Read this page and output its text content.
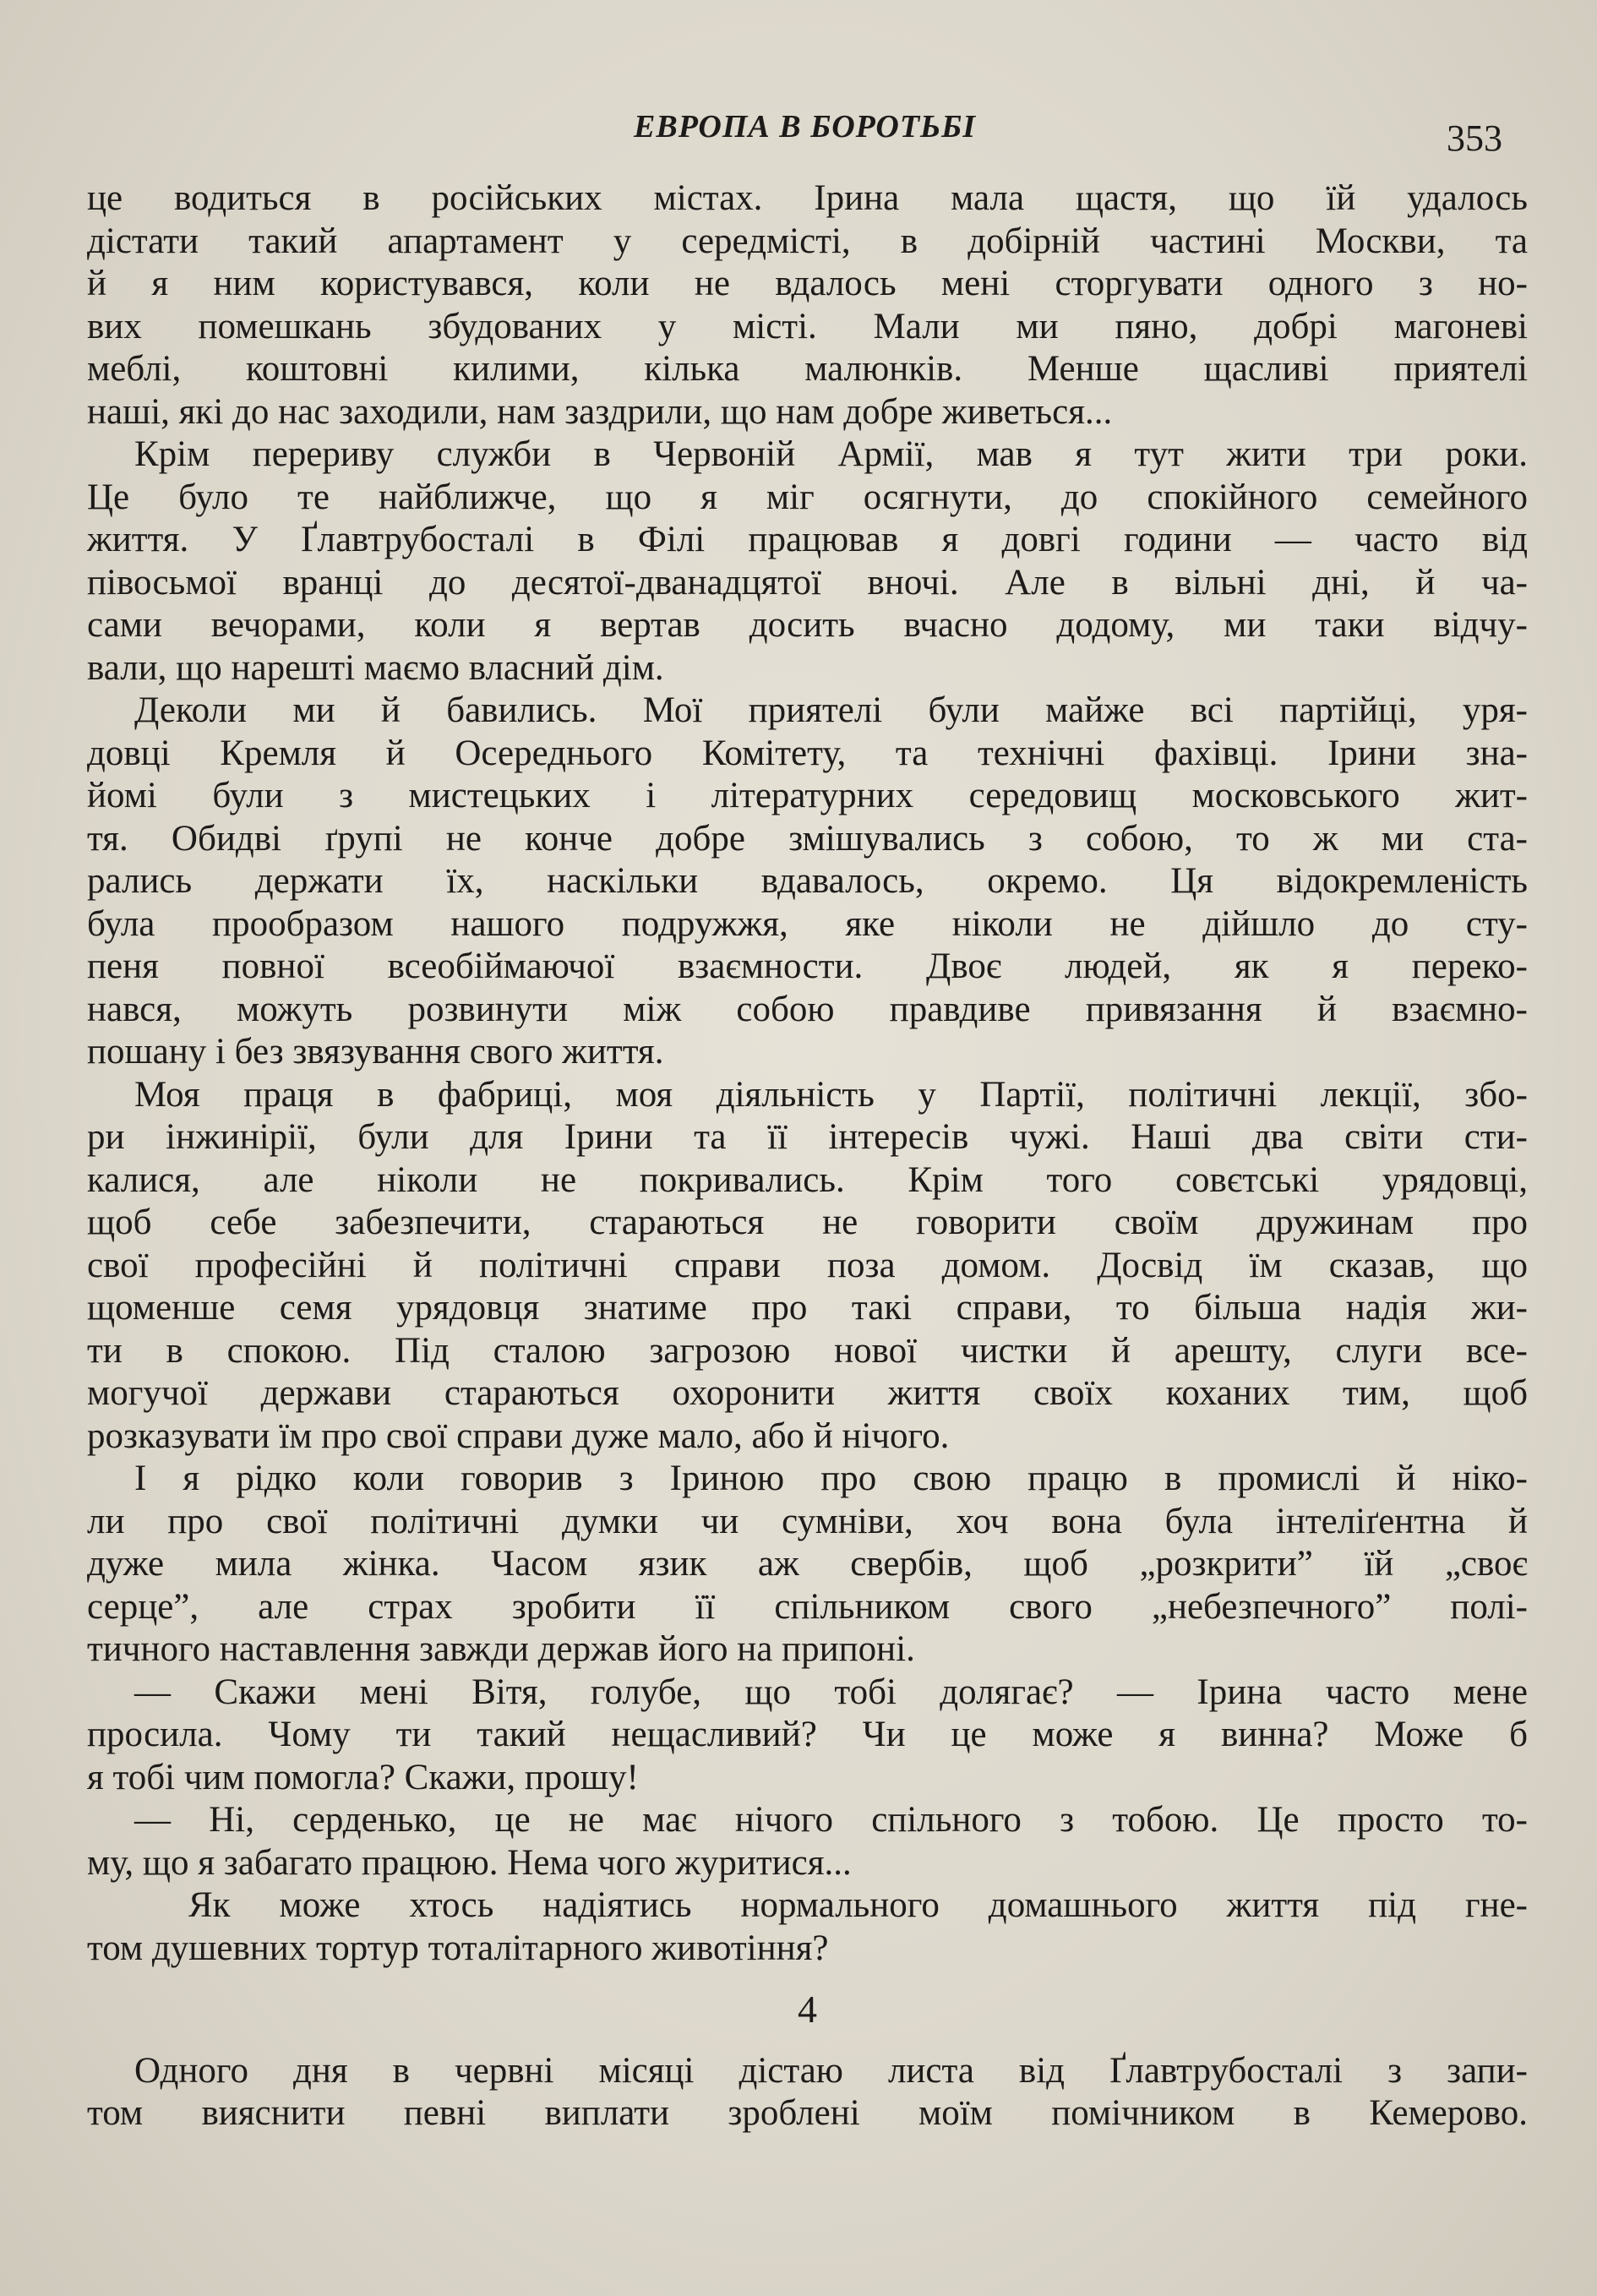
ЕВРОПА В БОРОТЬБІ	353
це водиться в російських містах. Ірина мала щастя, що їй удалось
дістати такий апартамент у середмісті, в добірній частині Москви, та
й я ним користувався, коли не вдалось мені сторгувати одного з но-
вих помешкань збудованих у місті. Мали ми пяно, добрі магоневі
меблі, коштовні килими, кілька малюнків. Менше щасливі приятелі
наші, які до нас заходили, нам заздрили, що нам добре живеться...
Крім перериву служби в Червоній Армії, мав я тут жити три роки.
Це було те найближче, що я міг осягнути, до спокійного семейного
життя. У Ґлавтрубосталі в Філі працював я довгі години — часто від
півосьмої вранці до десятої-дванадцятої вночі. Але в вільні дні, й ча-
сами вечорами, коли я вертав досить вчасно додому, ми таки відчу-
вали, що нарешті маємо власний дім.
Деколи ми й бавились. Мої приятелі були майже всі партійці, уря-
довці Кремля й Осереднього Комітету, та технічні фахівці. Ірини зна-
йомі були з мистецьких і літературних середовищ московського жит-
тя. Обидві ґрупі не конче добре змішувались з собою, то ж ми ста-
рались держати їх, наскільки вдавалось, окремо. Ця відокремленість
була прообразом нашого подружжя, яке ніколи не дійшло до сту-
пеня повної всеобіймаючої взаємности. Двоє людей, як я переко-
нався, можуть розвинути між собою правдиве привязання й взаємно-
пошану і без звязування свого життя.
Моя праця в фабриці, моя діяльність у Партії, політичні лекції, збо-
ри інжинірії, були для Ірини та її інтересів чужі. Наші два світи сти-
калися, але ніколи не покривались. Крім того совєтські урядовці,
щоб себе забезпечити, стараються не говорити своїм дружинам про
свої професійні й політичні справи поза домом. Досвід їм сказав, що
щоменше семя урядовця знатиме про такі справи, то більша надія жи-
ти в спокою. Під сталою загрозою нової чистки й арешту, слуги все-
могучої держави стараються охоронити життя своїх коханих тим, щоб
розказувати їм про свої справи дуже мало, або й нічого.
І я рідко коли говорив з Іриною про свою працю в промислі й ніко-
ли про свої політичні думки чи сумніви, хоч вона була інтеліґентна й
дуже мила жінка. Часом язик аж свербів, щоб „розкрити” їй „своє
серце”, але страх зробити її спільником свого „небезпечного” полі-
тичного наставлення завжди держав його на припоні.
— Скажи мені Вітя, голубе, що тобі долягає? — Ірина часто мене
просила. Чому ти такий нещасливий? Чи це може я винна? Може б
я тобі чим помогла? Скажи, прошу!
— Ні, серденько, це не має нічого спільного з тобою. Це просто то-
му, що я забагато працюю. Нема чого журитися...
Як може хтось надіятись нормального домашнього життя під гне-
том душевних тортур тоталітарного животіння?
4
Одного дня в червні місяці дістаю листа від Ґлавтрубосталі з запи-
том вияснити певні виплати зроблені моїм помічником в Кемерово.
